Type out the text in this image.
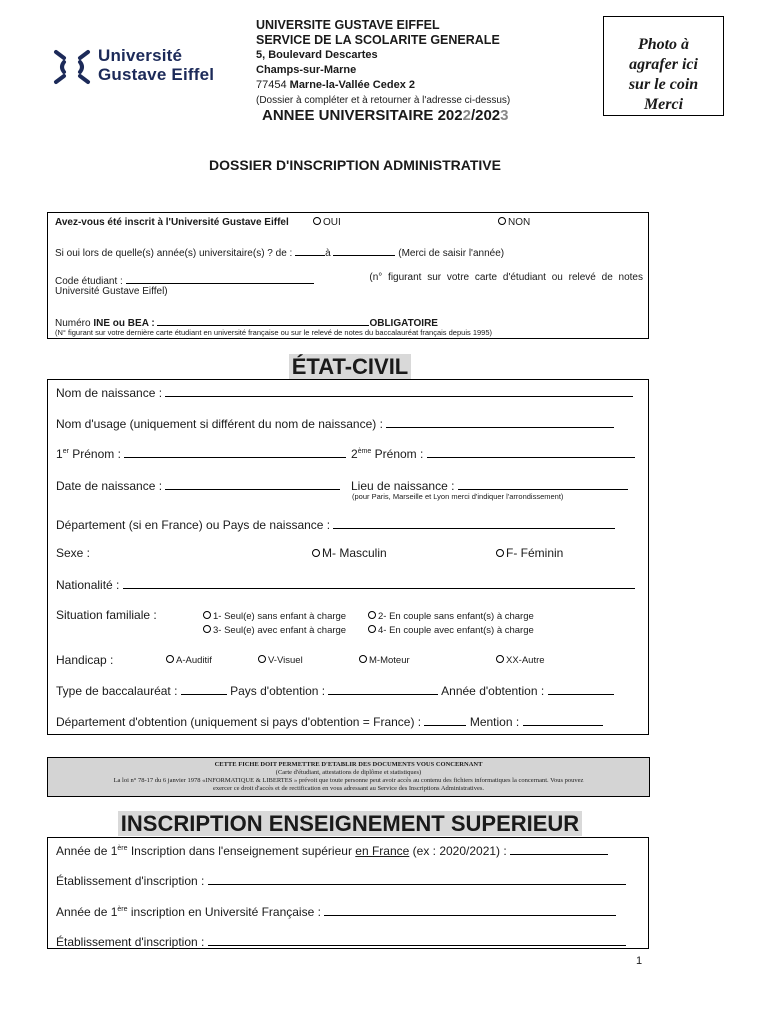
Université
Gustave Eiffel
UNIVERSITE GUSTAVE EIFFEL
SERVICE DE LA SCOLARITE GENERALE
5, Boulevard Descartes
Champs-sur-Marne
77454 Marne-la-Vallée Cedex 2
(Dossier à compléter et à retourner à l'adresse ci-dessus)
ANNEE UNIVERSITAIRE 2022/2023
Photo à
agrafer ici
sur le coin
Merci
DOSSIER D'INSCRIPTION ADMINISTRATIVE
Avez-vous été inscrit à l'Université Gustave Eiffel	OUI	NON
Si oui lors de quelle(s) année(s) universitaire(s) ? de :	à	(Merci de saisir l'année)
Code étudiant :	(n° figurant sur votre carte d'étudiant ou relevé de notes
Université Gustave Eiffel)
Numéro INE ou BEA :	OBLIGATOIRE
(N° figurant sur votre dernière carte étudiant en université française ou sur le relevé de notes du baccalauréat français depuis 1995)
ÉTAT-CIVIL
Nom de naissance :
Nom d'usage (uniquement si différent du nom de naissance) :
1er Prénom :	2ème Prénom :
Date de naissance :	Lieu de naissance :
(pour Paris, Marseille et Lyon merci d'indiquer l'arrondissement)
Département (si en France) ou Pays de naissance :
Sexe :	M- Masculin	F- Féminin
Nationalité :
Situation familiale :	1- Seul(e) sans enfant à charge	2- En couple sans enfant(s) à charge
3- Seul(e) avec enfant à charge	4- En couple avec enfant(s) à charge
Handicap :	A-Auditif	V-Visuel	M-Moteur	XX-Autre
Type de baccalauréat :	Pays d'obtention :	Année d'obtention :
Département d'obtention (uniquement si pays d'obtention = France) :	Mention :
CETTE FICHE DOIT PERMETTRE D'ETABLIR DES DOCUMENTS VOUS CONCERNANT
(Carte d'étudiant, attestations de diplôme et statistiques)
La loi n° 78-17 du 6 janvier 1978 «INFORMATIQUE & LIBERTES » prévoit que toute personne peut avoir accès au contenu des fichiers informatiques la concernant. Vous pouvez
exercer ce droit d'accès et de rectification en vous adressant au Service des Inscriptions Administratives.
INSCRIPTION ENSEIGNEMENT SUPERIEUR
Année de 1ère Inscription dans l'enseignement supérieur en France (ex : 2020/2021) :
Établissement d'inscription :
Année de 1ère inscription en Université Française :
Établissement d'inscription :
1
